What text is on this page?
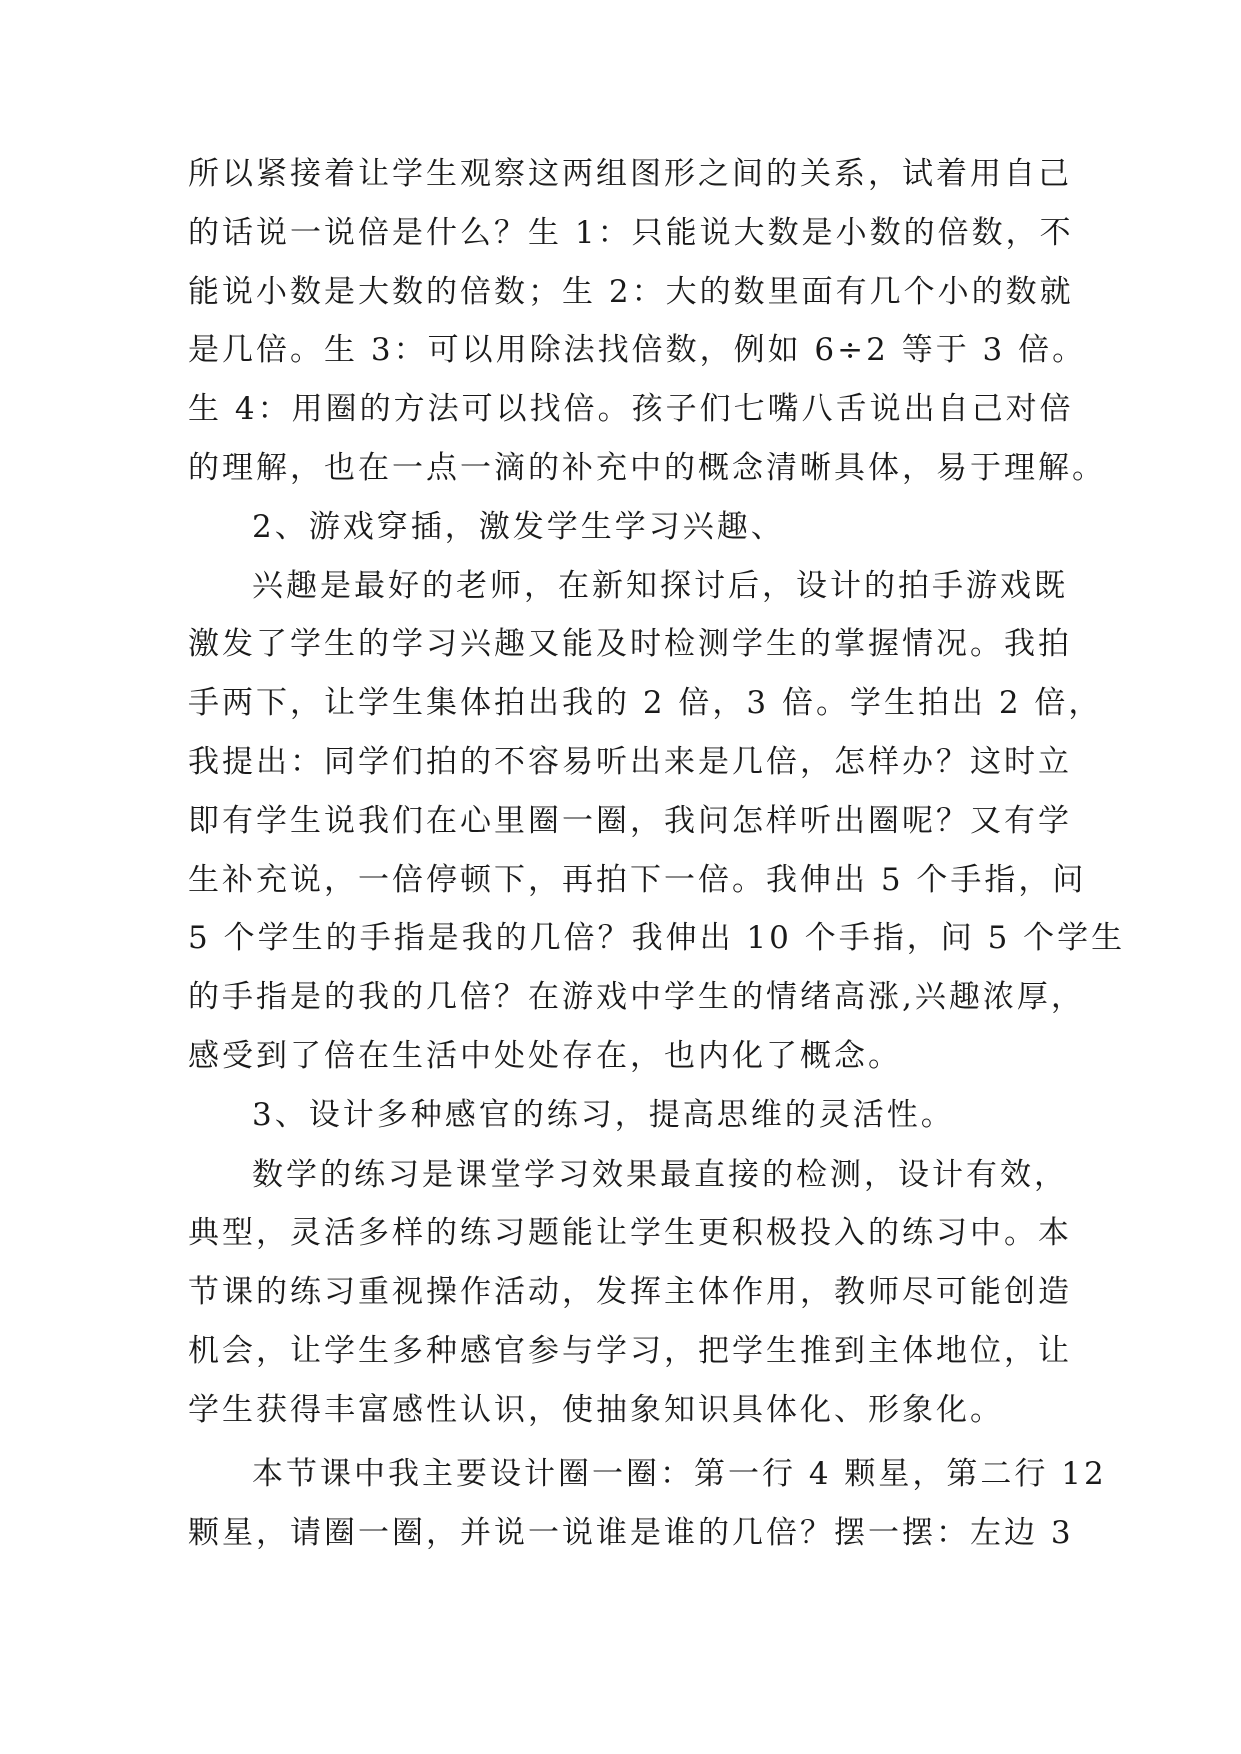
所以紧接着让学生观察这两组图形之间的关系，试着用自己
的话说一说倍是什么？生 1：只能说大数是小数的倍数，不
能说小数是大数的倍数；生 2：大的数里面有几个小的数就
是几倍。生 3：可以用除法找倍数，例如 6÷2 等于 3 倍。
生 4：用圈的方法可以找倍。孩子们七嘴八舌说出自己对倍
的理解，也在一点一滴的补充中的概念清晰具体，易于理解。
2、游戏穿插，激发学生学习兴趣、
兴趣是最好的老师，在新知探讨后，设计的拍手游戏既
激发了学生的学习兴趣又能及时检测学生的掌握情况。我拍
手两下，让学生集体拍出我的 2 倍，3 倍。学生拍出 2 倍，
我提出：同学们拍的不容易听出来是几倍，怎样办？这时立
即有学生说我们在心里圈一圈，我问怎样听出圈呢？又有学
生补充说，一倍停顿下，再拍下一倍。我伸出 5 个手指，问
5 个学生的手指是我的几倍？我伸出 10 个手指，问 5 个学生
的手指是的我的几倍？在游戏中学生的情绪高涨,兴趣浓厚，
感受到了倍在生活中处处存在，也内化了概念。
3、设计多种感官的练习，提高思维的灵活性。
数学的练习是课堂学习效果最直接的检测，设计有效，
典型，灵活多样的练习题能让学生更积极投入的练习中。本
节课的练习重视操作活动，发挥主体作用，教师尽可能创造
机会，让学生多种感官参与学习，把学生推到主体地位，让
学生获得丰富感性认识，使抽象知识具体化、形象化。
本节课中我主要设计圈一圈：第一行 4 颗星，第二行 12
颗星，请圈一圈，并说一说谁是谁的几倍？摆一摆：左边 3
